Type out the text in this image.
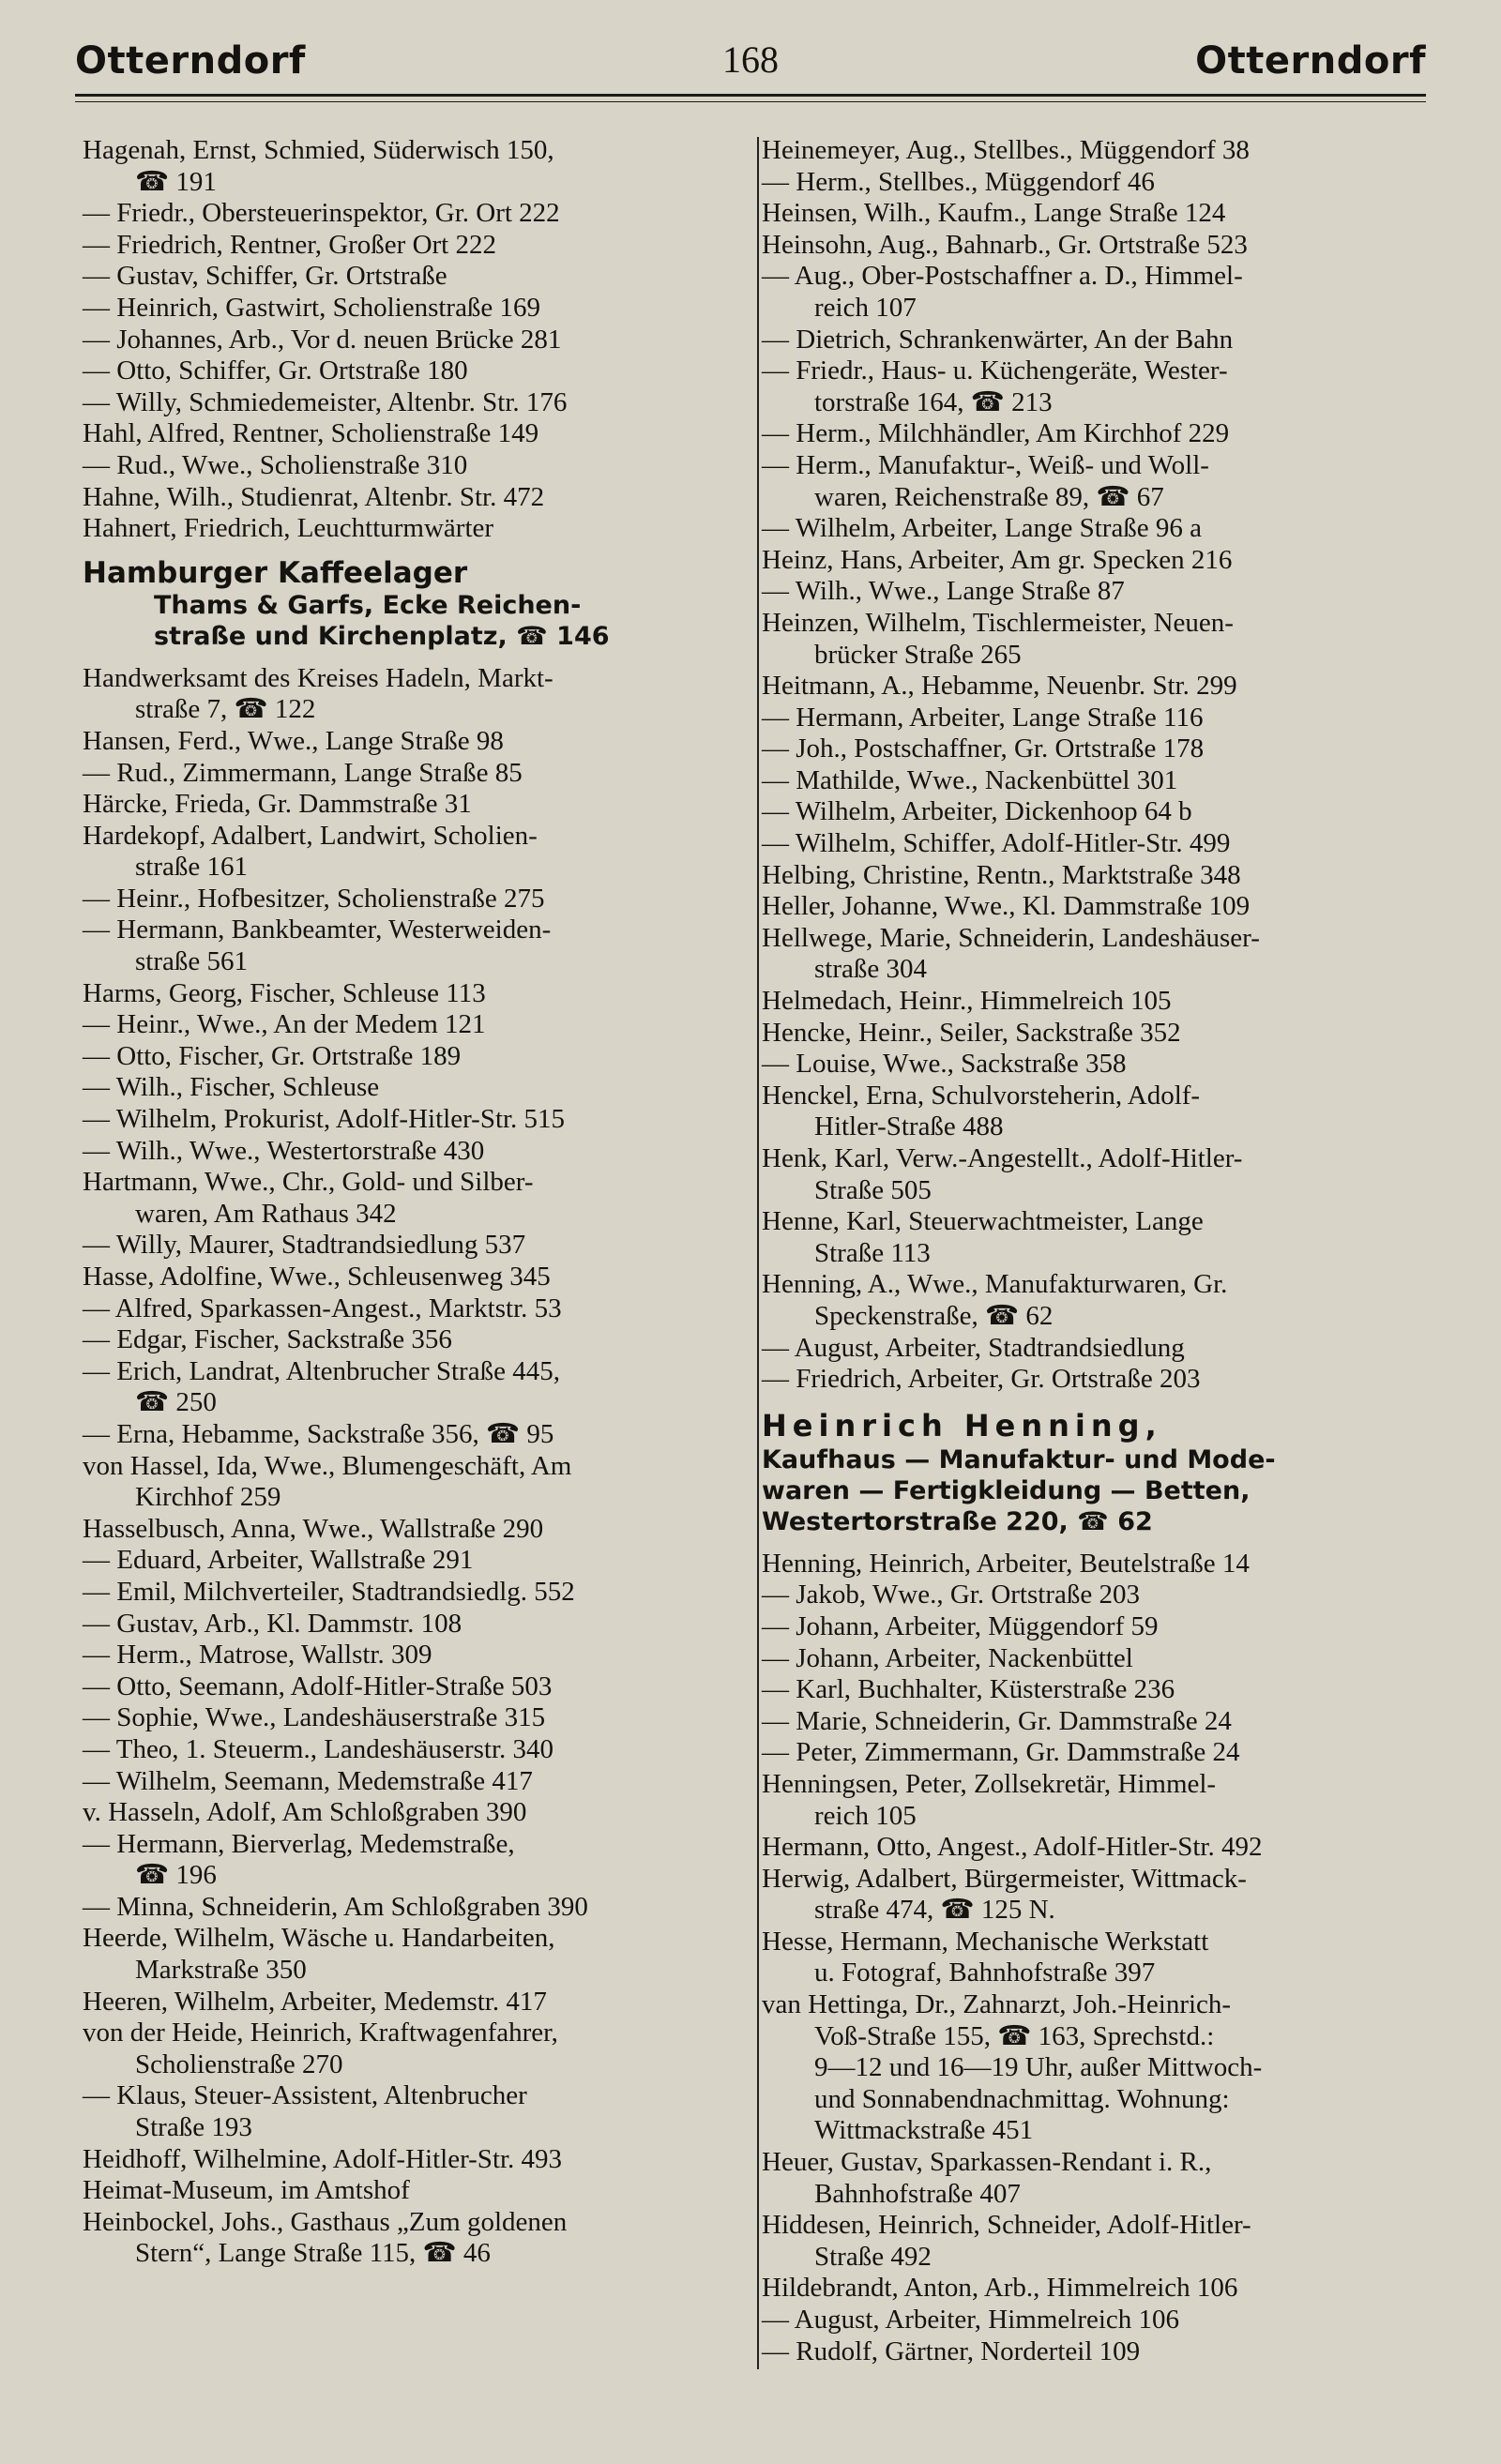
Otterndorf	168	Otterndorf
Hagenah, Ernst, Schmied, Süderwisch 150,
☎ 191
— Friedr., Obersteuerinspektor, Gr. Ort 222
— Friedrich, Rentner, Großer Ort 222
— Gustav, Schiffer, Gr. Ortstraße
— Heinrich, Gastwirt, Scholienstraße 169
— Johannes, Arb., Vor d. neuen Brücke 281
— Otto, Schiffer, Gr. Ortstraße 180
— Willy, Schmiedemeister, Altenbr. Str. 176
Hahl, Alfred, Rentner, Scholienstraße 149
— Rud., Wwe., Scholienstraße 310
Hahne, Wilh., Studienrat, Altenbr. Str. 472
Hahnert, Friedrich, Leuchtturmwärter
Hamburger Kaffeelager
Thams & Garfs, Ecke Reichen-
straße und Kirchenplatz, ☎ 146
Handwerksamt des Kreises Hadeln, Markt-
straße 7, ☎ 122
Hansen, Ferd., Wwe., Lange Straße 98
— Rud., Zimmermann, Lange Straße 85
Härcke, Frieda, Gr. Dammstraße 31
Hardekopf, Adalbert, Landwirt, Scholien-
straße 161
— Heinr., Hofbesitzer, Scholienstraße 275
— Hermann, Bankbeamter, Westerweiden-
straße 561
Harms, Georg, Fischer, Schleuse 113
— Heinr., Wwe., An der Medem 121
— Otto, Fischer, Gr. Ortstraße 189
— Wilh., Fischer, Schleuse
— Wilhelm, Prokurist, Adolf-Hitler-Str. 515
— Wilh., Wwe., Westertorstraße 430
Hartmann, Wwe., Chr., Gold- und Silber-
waren, Am Rathaus 342
— Willy, Maurer, Stadtrandsiedlung 537
Hasse, Adolfine, Wwe., Schleusenweg 345
— Alfred, Sparkassen-Angest., Marktstr. 53
— Edgar, Fischer, Sackstraße 356
— Erich, Landrat, Altenbrucher Straße 445,
☎ 250
— Erna, Hebamme, Sackstraße 356, ☎ 95
von Hassel, Ida, Wwe., Blumengeschäft, Am
Kirchhof 259
Hasselbusch, Anna, Wwe., Wallstraße 290
— Eduard, Arbeiter, Wallstraße 291
— Emil, Milchverteiler, Stadtrandsiedlg. 552
— Gustav, Arb., Kl. Dammstr. 108
— Herm., Matrose, Wallstr. 309
— Otto, Seemann, Adolf-Hitler-Straße 503
— Sophie, Wwe., Landeshäuserstraße 315
— Theo, 1. Steuerm., Landeshäuserstr. 340
— Wilhelm, Seemann, Medemstraße 417
v. Hasseln, Adolf, Am Schloßgraben 390
— Hermann, Bierverlag, Medemstraße,
☎ 196
— Minna, Schneiderin, Am Schloßgraben 390
Heerde, Wilhelm, Wäsche u. Handarbeiten,
Markstraße 350
Heeren, Wilhelm, Arbeiter, Medemstr. 417
von der Heide, Heinrich, Kraftwagenfahrer,
Scholienstraße 270
— Klaus, Steuer-Assistent, Altenbrucher
Straße 193
Heidhoff, Wilhelmine, Adolf-Hitler-Str. 493
Heimat-Museum, im Amtshof
Heinbockel, Johs., Gasthaus „Zum goldenen
Stern“, Lange Straße 115, ☎ 46
Heinemeyer, Aug., Stellbes., Müggendorf 38
— Herm., Stellbes., Müggendorf 46
Heinsen, Wilh., Kaufm., Lange Straße 124
Heinsohn, Aug., Bahnarb., Gr. Ortstraße 523
— Aug., Ober-Postschaffner a. D., Himmel-
reich 107
— Dietrich, Schrankenwärter, An der Bahn
— Friedr., Haus- u. Küchengeräte, Wester-
torstraße 164, ☎ 213
— Herm., Milchhändler, Am Kirchhof 229
— Herm., Manufaktur-, Weiß- und Woll-
waren, Reichenstraße 89, ☎ 67
— Wilhelm, Arbeiter, Lange Straße 96 a
Heinz, Hans, Arbeiter, Am gr. Specken 216
— Wilh., Wwe., Lange Straße 87
Heinzen, Wilhelm, Tischlermeister, Neuen-
brücker Straße 265
Heitmann, A., Hebamme, Neuenbr. Str. 299
— Hermann, Arbeiter, Lange Straße 116
— Joh., Postschaffner, Gr. Ortstraße 178
— Mathilde, Wwe., Nackenbüttel 301
— Wilhelm, Arbeiter, Dickenhoop 64 b
— Wilhelm, Schiffer, Adolf-Hitler-Str. 499
Helbing, Christine, Rentn., Marktstraße 348
Heller, Johanne, Wwe., Kl. Dammstraße 109
Hellwege, Marie, Schneiderin, Landeshäuser-
straße 304
Helmedach, Heinr., Himmelreich 105
Hencke, Heinr., Seiler, Sackstraße 352
— Louise, Wwe., Sackstraße 358
Henckel, Erna, Schulvorsteherin, Adolf-
Hitler-Straße 488
Henk, Karl, Verw.-Angestellt., Adolf-Hitler-
Straße 505
Henne, Karl, Steuerwachtmeister, Lange
Straße 113
Henning, A., Wwe., Manufakturwaren, Gr.
Speckenstraße, ☎ 62
— August, Arbeiter, Stadtrandsiedlung
— Friedrich, Arbeiter, Gr. Ortstraße 203
Heinrich Henning,
Kaufhaus — Manufaktur- und Mode-
waren — Fertigkleidung — Betten,
Westertorstraße 220, ☎ 62
Henning, Heinrich, Arbeiter, Beutelstraße 14
— Jakob, Wwe., Gr. Ortstraße 203
— Johann, Arbeiter, Müggendorf 59
— Johann, Arbeiter, Nackenbüttel
— Karl, Buchhalter, Küsterstraße 236
— Marie, Schneiderin, Gr. Dammstraße 24
— Peter, Zimmermann, Gr. Dammstraße 24
Henningsen, Peter, Zollsekretär, Himmel-
reich 105
Hermann, Otto, Angest., Adolf-Hitler-Str. 492
Herwig, Adalbert, Bürgermeister, Wittmack-
straße 474, ☎ 125 N.
Hesse, Hermann, Mechanische Werkstatt
u. Fotograf, Bahnhofstraße 397
van Hettinga, Dr., Zahnarzt, Joh.-Heinrich-
Voß-Straße 155, ☎ 163, Sprechstd.:
9—12 und 16—19 Uhr, außer Mittwoch-
und Sonnabendnachmittag. Wohnung:
Wittmackstraße 451
Heuer, Gustav, Sparkassen-Rendant i. R.,
Bahnhofstraße 407
Hiddesen, Heinrich, Schneider, Adolf-Hitler-
Straße 492
Hildebrandt, Anton, Arb., Himmelreich 106
— August, Arbeiter, Himmelreich 106
— Rudolf, Gärtner, Norderteil 109
